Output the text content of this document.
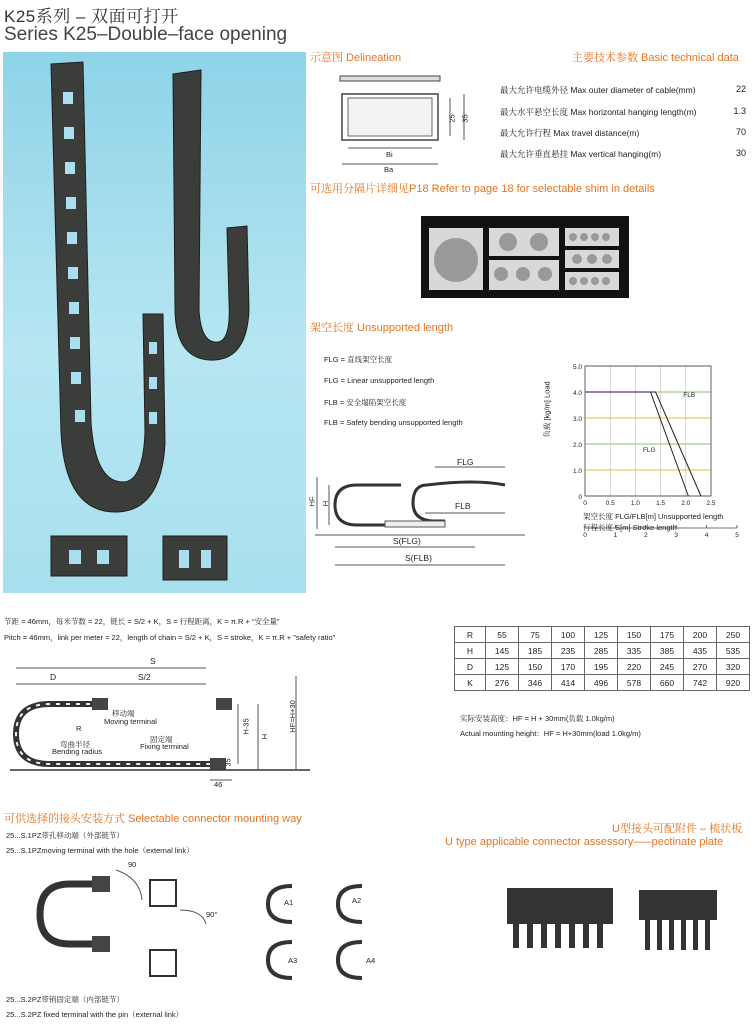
K25系列 – 双面可打开
Series K25–Double–face opening
示意图 Delineation
25 35
Bi
Ba
主要技术参数 Basic technical data
最大允许电缆外径 Max outer diameter of cable(mm)	22
最大水平悬空长度 Max horizontal hanging length(m)	1.3
最大允许行程 Max travel distance(m)	70
最大允许垂直悬挂 Max vertical hanging(m)	30
可选用分隔片详细见P18 Refer to page 18 for selectable shim in details
架空长度 Unsupported length
FLG = 直线架空长度
FLG = Linear unsupported length
FLB = 安全塌陷架空长度
FLB = Safety bending unsupported length
FLG
FLB
HF H
S(FLG)
S(FLB)
0
1.0
2.0
3.0
4.0
5.0
0	0.5 1.0 1.5 2.0 2.5
FLB
FLG
0	1	2	3	4	5
负载 [kg/m] Load
架空长度 FLG/FLB[m] Unsupported length
行程长度 S[m] Stroke length
节距 = 46mm，每米节数 = 22，链长 = S/2 + K，S = 行程距离，K = π.R + “安全量”
Pitch = 46mm，link per meter = 22，length of chain = S/2 + K，S = stroke，K = π.R + "safety ratio"
S
D	S/2
移动端
Moving terminal
R
弯曲半径
Bending radius
固定端
Fixing terminal
H-35
H
HF=H+30
35
46
R	55	75	100	125	150	175	200	250
H	145	185	235	285	335	385	435	535
D	125	150	170	195	220	245	270	320
K	276	346	414	496	578	660	742	920
实际安装高度：HF = H + 30mm(负载 1.0kg/m)
Actual mounting height：HF = H+30mm(load 1.0kg/m)
可供选择的接头安装方式 Selectable connector mounting way
25...S.1PZ带孔移动端（外部链节）
25...S.1PZmoving terminal with the hole（external link）
90
90°
A1	A2
A3	A4
25...S.2PZ带销固定端（内部链节）
25...S.2PZ fixed terminal with the pin（external link）
U型接头可配附件 – 梳状板
U type applicable connector assessory–––pectinate plate
